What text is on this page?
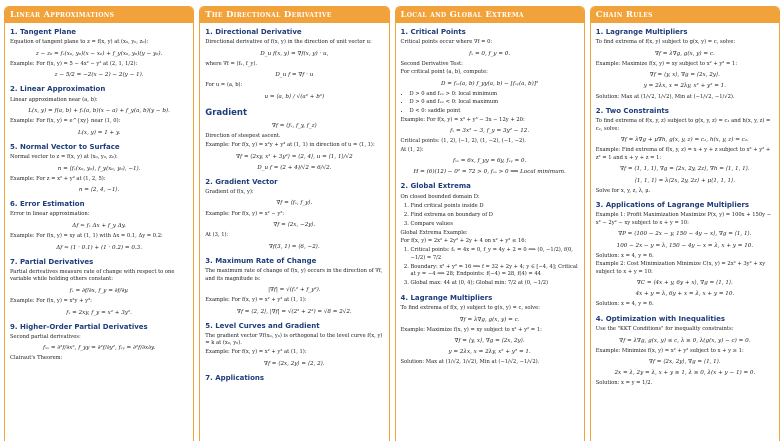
Linear Approximations
1. Tangent Plane
Equation of tangent plane to z = f(x, y) at (x₀, y₀, z₀):
z − z₀ = fₓ(x₀, y₀)(x − x₀) + f_y(x₀, y₀)(y − y₀).
Example: For f(x, y) = 5 − 4x² − y² at (2, 1, 1/2):
z − 5/2 = −2(x − 2) − 2(y − 1).
2. Linear Approximation
Linear approximation near (a, b):
L(x, y) = f(a, b) + fₓ(a, b)(x − a) + f_y(a, b)(y − b).
Example: For f(x, y) = e^{xy} near (1, 0):
L(x, y) = 1 + y.
5. Normal Vector to Surface
Normal vector to z = f(x, y) at (x₀, y₀, z₀):
n = ⟨fₓ(x₀, y₀), f_y(x₀, y₀), −1⟩.
Example: For z = x² + y² at (1, 2, 5):
n = ⟨2, 4, −1⟩.
6. Error Estimation
Error in linear approximation:
Δf ≈ fₓ Δx + f_y Δy.
Example: For f(x, y) = xy at (1, 1) with Δx = 0.1, Δy = 0.2:
Δf ≈ (1 · 0.1) + (1 · 0.2) = 0.3.
7. Partial Derivatives
Partial derivatives measure rate of change with respect to one variable while holding others constant:
fₓ = ∂f/∂x, f_y = ∂f/∂y.
Example: For f(x, y) = x²y + y³:
fₓ = 2xy, f_y = x² + 3y².
9. Higher-Order Partial Derivatives
Second partial derivatives:
fₓₓ = ∂²f/∂x², f_yy = ∂²f/∂y², fₓᵧ = ∂²f/∂x∂y.
Clairaut's Theorem:
The Directional Derivative
1. Directional Derivative
Directional derivative of f(x, y) in the direction of unit vector u:
D_u f(x, y) = ∇f(x, y) · u,
where ∇f = ⟨fₓ, f_y⟩.
D_u f = ∇f · u
For u = ⟨a, b⟩:
u = ⟨a, b⟩ / √(a² + b²)
Gradient
∇f = ⟨fₓ, f_y, f_z⟩
Direction of steepest ascent.
Example: For f(x, y) = x²y + y³ at (1, 1) in direction of u = ⟨1, 1⟩:
∇f = ⟨2xy, x² + 3y²⟩ = ⟨2, 4⟩, u = ⟨1, 1⟩/√2
D_u f = (2 + 4)/√2 = 6/√2.
2. Gradient Vector
Gradient of f(x, y):
∇f = ⟨fₓ, f_y⟩.
Example: For f(x, y) = x² − y²:
∇f = ⟨2x, −2y⟩.
At (3, 1):
∇f(3, 1) = ⟨6, −2⟩.
3. Maximum Rate of Change
The maximum rate of change of f(x, y) occurs in the direction of ∇f, and its magnitude is:
|∇f| = √(fₓ² + f_y²).
Example: For f(x, y) = x² + y² at (1, 1):
∇f = ⟨2, 2⟩, |∇f| = √(2² + 2²) = √8 = 2√2.
5. Level Curves and Gradient
The gradient vector ∇f(x₀, y₀) is orthogonal to the level curve f(x, y) = k at (x₀, y₀).
Example: For f(x, y) = x² + y² at (1, 1):
∇f = ⟨2x, 2y⟩ = ⟨2, 2⟩.
7. Applications
Local and Global Extrema
1. Critical Points
Critical points occur where ∇f = 0:
fₓ = 0, f_y = 0.
Second Derivative Test:
For critical point (a, b), compute:
D = fₓₓ(a, b) f_yy(a, b) − [fₓᵧ(a, b)]²
• D > 0 and fₓₓ > 0: local minimum
• D > 0 and fₓₓ < 0: local maximum
• D < 0: saddle point
Example: For f(x, y) = x³ + y³ − 3x − 12y + 20:
fₓ = 3x² − 3, f_y = 3y² − 12.
Critical points: (1, 2), (−1, 2), (1, −2), (−1, −2).
At (1, 2):
fₓₓ = 6x, f_yy = 6y, fₓᵧ = 0.
H = (6)(12) − 0² = 72 > 0, fₓₓ > 0 ⟹ Local minimum.
2. Global Extrema
On closed bounded domain D:
1. Find critical points inside D
2. Find extrema on boundary of D
3. Compare values
Global Extrema Example:
For f(x, y) = 2x² + 2y² + 2y + 4 on x² + y² ≤ 16:
1. Critical points: fₓ = 4x = 0, f_y = 4y + 2 = 0 ⟹ (0, −1/2), f(0, −1/2) = 7/2
2. Boundary: x² + y² = 16 ⟹ f = 32 + 2y + 4; y ∈ [−4, 4]; Critical at y = −4 ⟹ 28; Endpoints: f(−4) = 28, f(4) = 44
3. Global max: 44 at (0, 4); Global min: 7/2 at (0, −1/2)
4. Lagrange Multipliers
To find extrema of f(x, y) subject to g(x, y) = c, solve:
∇f = λ∇g, g(x, y) = c.
Example: Maximize f(x, y) = xy subject to x² + y² = 1:
∇f = ⟨y, x⟩, ∇g = ⟨2x, 2y⟩.
y = 2λx, x = 2λy, x² + y² = 1.
Solution: Max at (1/√2, 1/√2), Min at (−1/√2, −1/√2).
Chain Rules
1. Lagrange Multipliers
To find extrema of f(x, y) subject to g(x, y) = c, solve:
∇f = λ∇g, g(x, y) = c.
Example: Maximize f(x, y) = xy subject to x² + y² = 1:
∇f = ⟨y, x⟩, ∇g = ⟨2x, 2y⟩.
y = 2λx, x = 2λy, x² + y² = 1.
Solution: Max at (1/√2, 1/√2), Min at (−1/√2, −1/√2).
2. Two Constraints
To find extrema of f(x, y, z) subject to g(x, y, z) = c₁ and h(x, y, z) = c₂, solve:
∇f = λ∇g + μ∇h, g(x, y, z) = c₁, h(x, y, z) = c₂.
Example: Find extrema of f(x, y, z) = x + y + z subject to x² + y² + z² = 1 and x + y + z = 1:
∇f = ⟨1, 1, 1⟩, ∇g = ⟨2x, 2y, 2z⟩, ∇h = ⟨1, 1, 1⟩.
⟨1, 1, 1⟩ = λ⟨2x, 2y, 2z⟩ + μ⟨1, 1, 1⟩.
Solve for x, y, z, λ, μ.
3. Applications of Lagrange Multipliers
Example 1: Profit Maximization Maximize P(x, y) = 100x + 150y − x² − 2y² − xy subject to x + y = 10:
∇P = ⟨100 − 2x − y, 150 − 4y − x⟩, ∇g = ⟨1, 1⟩.
100 − 2x − y = λ, 150 − 4y − x = λ, x + y = 10.
Solution: x = 4, y = 6.
Example 2: Cost Minimization Minimize C(x, y) = 2x² + 3y² + xy subject to x + y = 10:
∇C = ⟨4x + y, 6y + x⟩, ∇g = ⟨1, 1⟩.
4x + y = λ, 6y + x = λ, x + y = 10.
Solution: x = 4, y = 6.
4. Optimization with Inequalities
Use the "KKT Conditions" for inequality constraints:
∇f = λ∇g, g(x, y) ≤ c, λ ≥ 0, λ(g(x, y) − c) = 0.
Example: Minimize f(x, y) = x² + y² subject to x + y ≥ 1:
∇f = ⟨2x, 2y⟩, ∇g = ⟨1, 1⟩.
2x = λ, 2y = λ, x + y ≥ 1, λ ≥ 0, λ(x + y − 1) = 0.
Solution: x = y = 1/2.
